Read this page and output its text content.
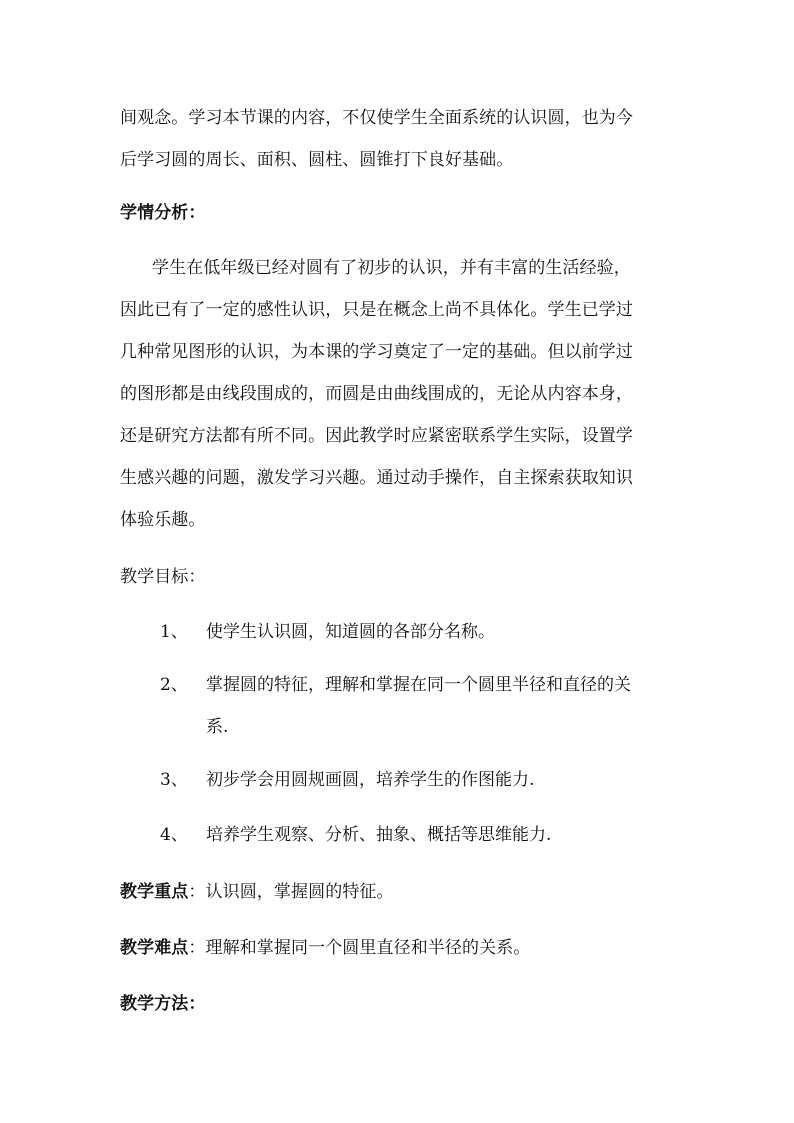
间观念。学习本节课的内容，不仅使学生全面系统的认识圆，也为今
后学习圆的周长、面积、圆柱、圆锥打下良好基础。
学情分析：
学生在低年级已经对圆有了初步的认识，并有丰富的生活经验，
因此已有了一定的感性认识，只是在概念上尚不具体化。学生已学过
几种常见图形的认识，为本课的学习奠定了一定的基础。但以前学过
的图形都是由线段围成的，而圆是由曲线围成的，无论从内容本身，
还是研究方法都有所不同。因此教学时应紧密联系学生实际，设置学
生感兴趣的问题，激发学习兴趣。通过动手操作，自主探索获取知识
体验乐趣。
教学目标：
1、 使学生认识圆，知道圆的各部分名称。
2、 掌握圆的特征，理解和掌握在同一个圆里半径和直径的关
系.
3、 初步学会用圆规画圆，培养学生的作图能力.
4、 培养学生观察、分析、抽象、概括等思维能力.
教学重点：认识圆，掌握圆的特征。
教学难点：理解和掌握同一个圆里直径和半径的关系。
教学方法：
